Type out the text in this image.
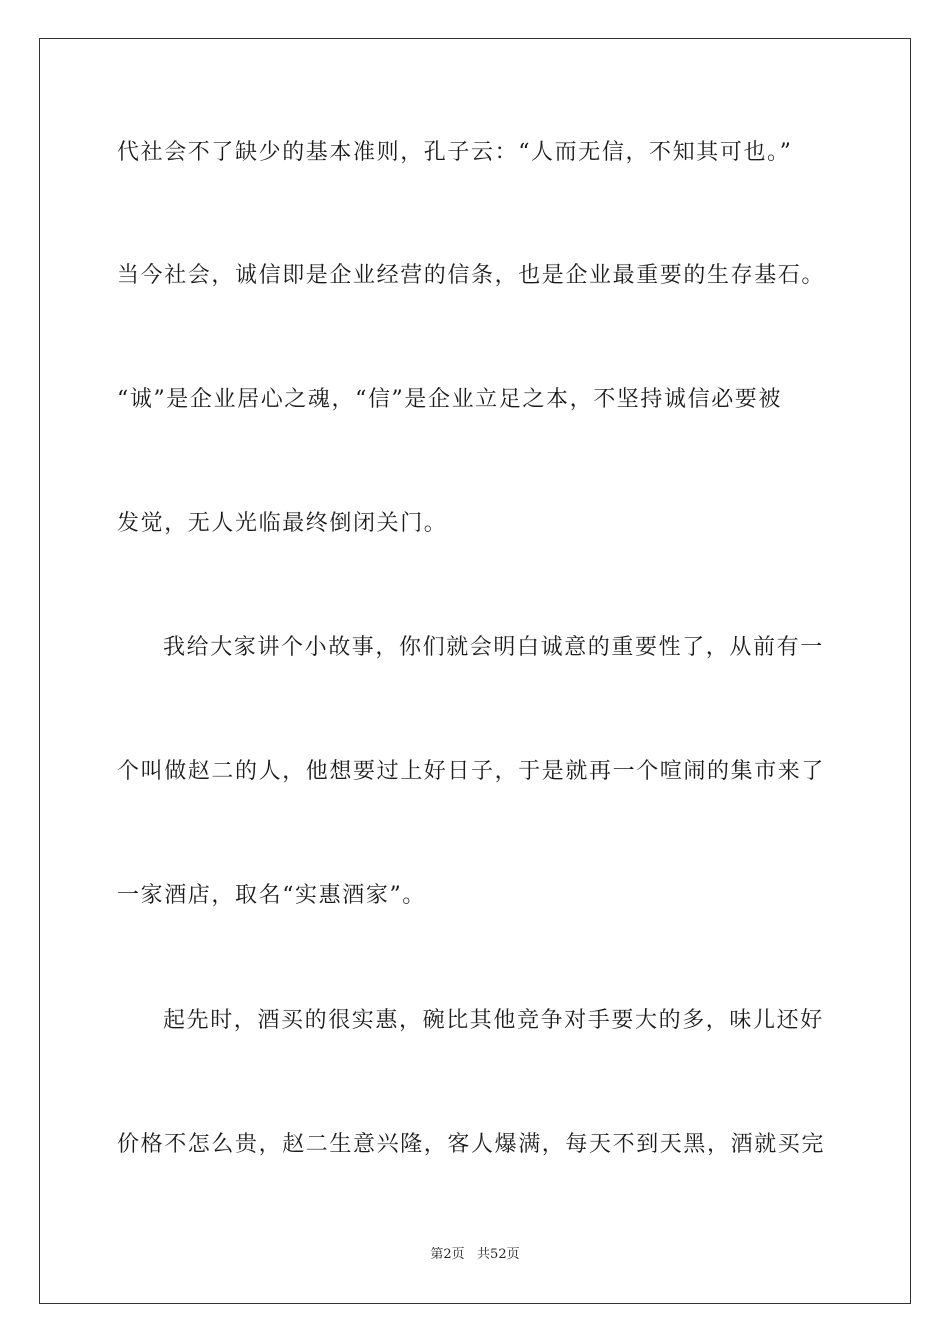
代社会不了缺少的基本准则，孔子云：“人而无信，不知其可也。”
当今社会，诚信即是企业经营的信条，也是企业最重要的生存基石。
“诚”是企业居心之魂，“信”是企业立足之本，不坚持诚信必要被
发觉，无人光临最终倒闭关门。
我给大家讲个小故事，你们就会明白诚意的重要性了，从前有一
个叫做赵二的人，他想要过上好日子，于是就再一个喧闹的集市来了
一家酒店，取名“实惠酒家”。
起先时，酒买的很实惠，碗比其他竞争对手要大的多，味儿还好
价格不怎么贵，赵二生意兴隆，客人爆满，每天不到天黑，酒就买完
第2页   共52页
